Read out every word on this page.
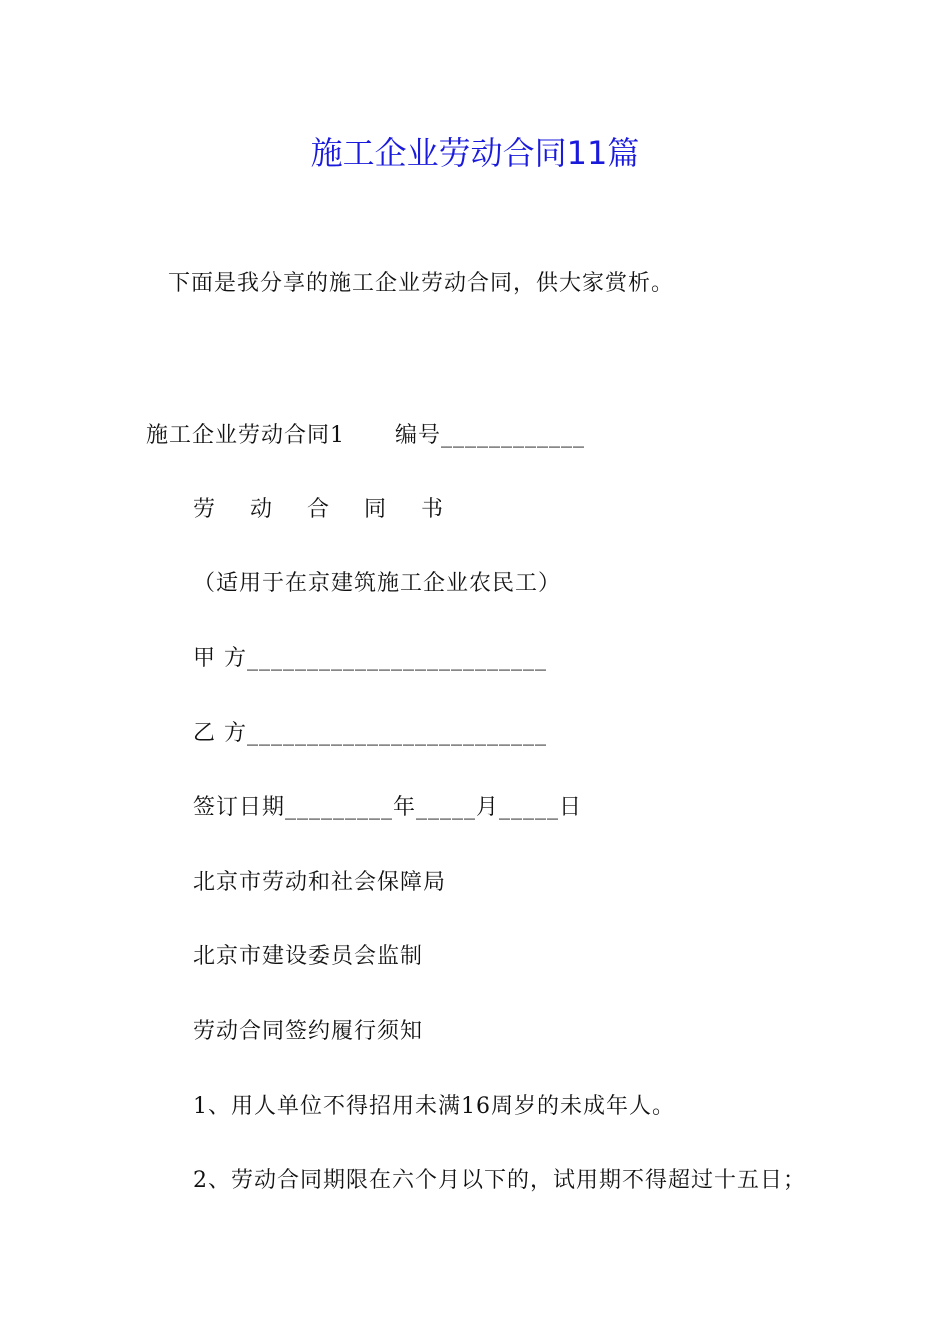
施工企业劳动合同11篇
下面是我分享的施工企业劳动合同，供大家赏析。
施工企业劳动合同1 编号____________
劳 动 合 同 书
（适用于在京建筑施工企业农民工）
甲 方_________________________
乙 方_________________________
签订日期_________年_____月_____日
北京市劳动和社会保障局
北京市建设委员会监制
劳动合同签约履行须知
1、用人单位不得招用未满16周岁的未成年人。
2、劳动合同期限在六个月以下的，试用期不得超过十五日；
